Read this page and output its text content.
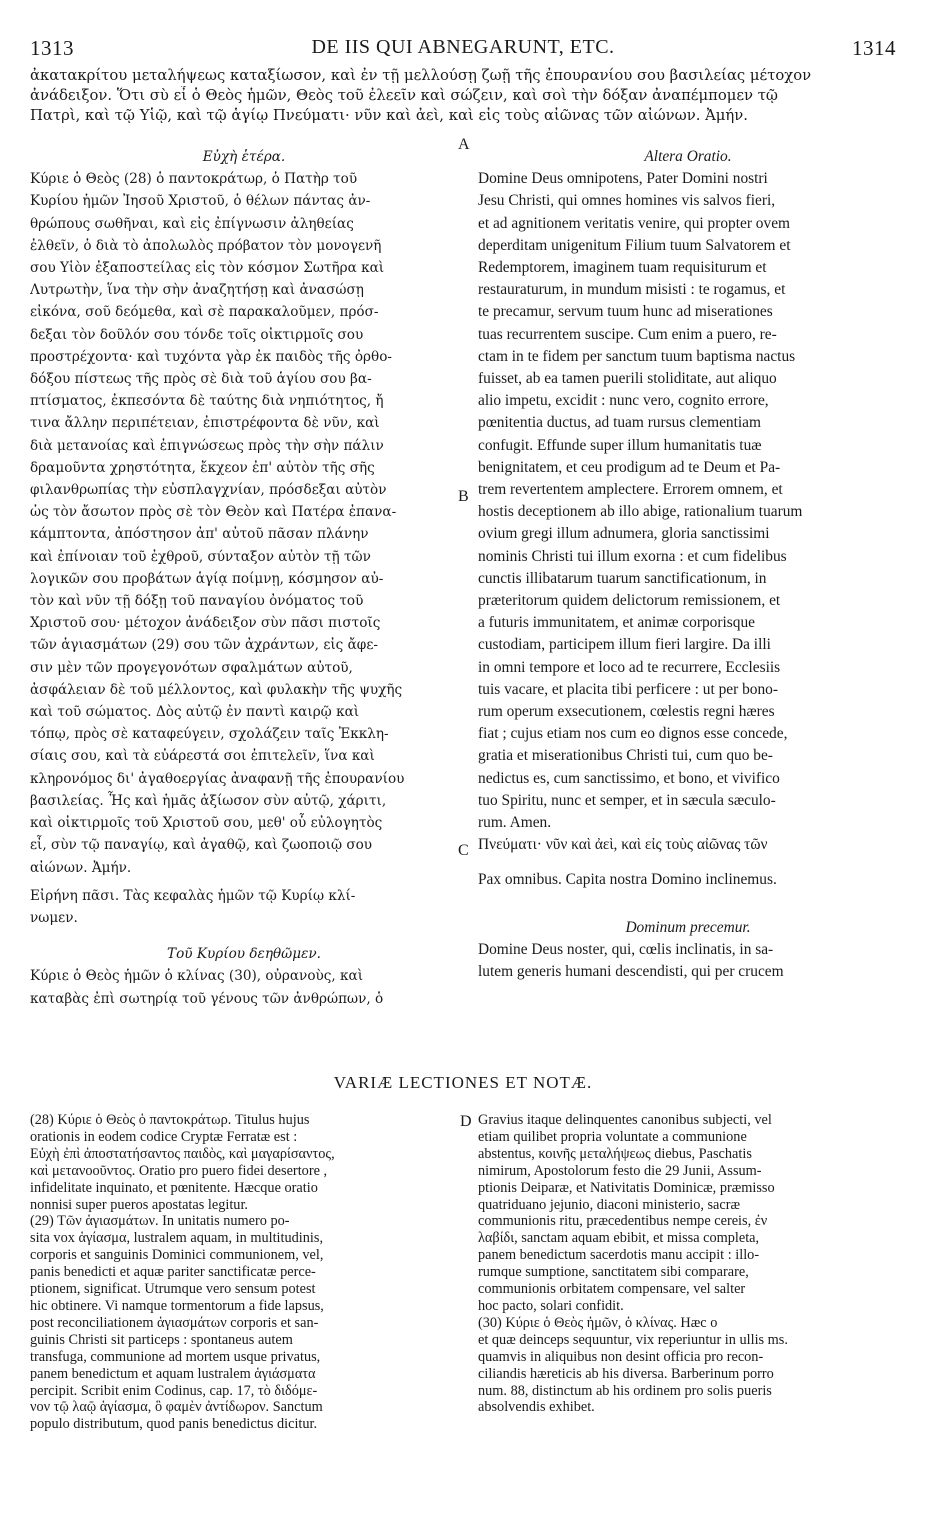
1313	DE IIS QUI ABNEGARUNT, ETC.	1314

ἀκατακρίτου μεταλήψεως καταξίωσον, καὶ ἐν τῇ μελλούσῃ ζωῇ τῆς ἐπουρανίου σου βασιλείας μέτοχον

ἀνάδειξον. Ὅτι σὺ εἶ ὁ Θεὸς ἡμῶν, Θεὸς τοῦ ἐλεεῖν καὶ σώζειν, καὶ σοὶ τὴν δόξαν ἀναπέμπομεν τῷ

Πατρὶ, καὶ τῷ Υἱῷ, καὶ τῷ ἁγίῳ Πνεύματι· νῦν καὶ ἀεὶ, καὶ εἰς τοὺς αἰῶνας τῶν αἰώνων. Ἀμήν.

A
B
C
D

Εὐχὴ ἑτέρα.

Κύριε ὁ Θεὸς (28) ὁ παντοκράτωρ, ὁ Πατὴρ τοῦ

Κυρίου ἡμῶν Ἰησοῦ Χριστοῦ, ὁ θέλων πάντας ἀν-

θρώπους σωθῆναι, καὶ εἰς ἐπίγνωσιν ἀληθείας

ἐλθεῖν, ὁ διὰ τὸ ἀπολωλὸς πρόβατον τὸν μονογενῆ

σου Υἱὸν ἐξαποστείλας εἰς τὸν κόσμον Σωτῆρα καὶ

Λυτρωτὴν, ἵνα τὴν σὴν ἀναζητήσῃ καὶ ἀνασώσῃ

εἰκόνα, σοῦ δεόμεθα, καὶ σὲ παρακαλοῦμεν, πρόσ-

δεξαι τὸν δοῦλόν σου τόνδε τοῖς οἰκτιρμοῖς σου

προστρέχοντα· καὶ τυχόντα γὰρ ἐκ παιδὸς τῆς ὀρθο-

δόξου πίστεως τῆς πρὸς σὲ διὰ τοῦ ἁγίου σου βα-

πτίσματος, ἐκπεσόντα δὲ ταύτης διὰ νηπιότητος, ἤ

τινα ἄλλην περιπέτειαν, ἐπιστρέφοντα δὲ νῦν, καὶ

διὰ μετανοίας καὶ ἐπιγνώσεως πρὸς τὴν σὴν πάλιν

δραμοῦντα χρηστότητα, ἔκχεον ἐπ' αὐτὸν τῆς σῆς

φιλανθρωπίας τὴν εὐσπλαγχνίαν, πρόσδεξαι αὐτὸν

ὡς τὸν ἄσωτον πρὸς σὲ τὸν Θεὸν καὶ Πατέρα ἐπανα-

κάμπτοντα, ἀπόστησον ἀπ' αὐτοῦ πᾶσαν πλάνην

καὶ ἐπίνοιαν τοῦ ἐχθροῦ, σύνταξον αὐτὸν τῇ τῶν

λογικῶν σου προβάτων ἁγίᾳ ποίμνῃ, κόσμησον αὐ-

τὸν καὶ νῦν τῇ δόξῃ τοῦ παναγίου ὀνόματος τοῦ

Χριστοῦ σου· μέτοχον ἀνάδειξον σὺν πᾶσι πιστοῖς

τῶν ἁγιασμάτων (29) σου τῶν ἀχράντων, εἰς ἄφε-

σιν μὲν τῶν προγεγονότων σφαλμάτων αὐτοῦ,

ἀσφάλειαν δὲ τοῦ μέλλοντος, καὶ φυλακὴν τῆς ψυχῆς

καὶ τοῦ σώματος. Δὸς αὐτῷ ἐν παντὶ καιρῷ καὶ

τόπῳ, πρὸς σὲ καταφεύγειν, σχολάζειν ταῖς Ἐκκλη-

σίαις σου, καὶ τὰ εὐάρεστά σοι ἐπιτελεῖν, ἵνα καὶ

κληρονόμος δι' ἀγαθοεργίας ἀναφανῇ τῆς ἐπουρανίου

βασιλείας. Ἧς καὶ ἡμᾶς ἀξίωσον σὺν αὐτῷ, χάριτι,

καὶ οἰκτιρμοῖς τοῦ Χριστοῦ σου, μεθ' οὗ εὐλογητὸς

εἶ, σὺν τῷ παναγίῳ, καὶ ἀγαθῷ, καὶ ζωοποιῷ σου

αἰώνων. Ἀμήν.

Εἰρήνη πᾶσι. Τὰς κεφαλὰς ἡμῶν τῷ Κυρίῳ κλί-

νωμεν.

Τοῦ Κυρίου δεηθῶμεν.

Κύριε ὁ Θεὸς ἡμῶν ὁ κλίνας (30), οὐρανοὺς, καὶ

καταβὰς ἐπὶ σωτηρίᾳ τοῦ γένους τῶν ἀνθρώπων, ὁ

Altera Oratio.

Domine Deus omnipotens, Pater Domini nostri

Jesu Christi, qui omnes homines vis salvos fieri,

et ad agnitionem veritatis venire, qui propter ovem

deperditam unigenitum Filium tuum Salvatorem et

Redemptorem, imaginem tuam requisiturum et

restauraturum, in mundum misisti : te rogamus, et

te precamur, servum tuum hunc ad miserationes

tuas recurrentem suscipe. Cum enim a puero, re-

ctam in te fidem per sanctum tuum baptisma nactus

fuisset, ab ea tamen puerili stoliditate, aut aliquo

alio impetu, excidit : nunc vero, cognito errore,

pœnitentia ductus, ad tuam rursus clementiam

confugit. Effunde super illum humanitatis tuæ

benignitatem, et ceu prodigum ad te Deum et Pa-

trem revertentem amplectere. Errorem omnem, et

hostis deceptionem ab illo abige, rationalium tuarum

ovium gregi illum adnumera, gloria sanctissimi

nominis Christi tui illum exorna : et cum fidelibus

cunctis illibatarum tuarum sanctificationum, in

præteritorum quidem delictorum remissionem, et

a futuris immunitatem, et animæ corporisque

custodiam, participem illum fieri largire. Da illi

in omni tempore et loco ad te recurrere, Ecclesiis

tuis vacare, et placita tibi perficere : ut per bono-

rum operum exsecutionem, cœlestis regni hæres

fiat ; cujus etiam nos cum eo dignos esse concede,

gratia et miserationibus Christi tui, cum quo be-

nedictus es, cum sanctissimo, et bono, et vivifico

tuo Spiritu, nunc et semper, et in sæcula sæculo-

rum. Amen.

Πνεύματι· νῦν καὶ ἀεὶ, καὶ εἰς τοὺς αἰῶνας τῶν

Pax omnibus. Capita nostra Domino inclinemus.

Dominum precemur.

Domine Deus noster, qui, cœlis inclinatis, in sa-

lutem generis humani descendisti, qui per crucem

VARIÆ LECTIONES ET NOTÆ.

(28) Κύριε ὁ Θεὸς ὁ παντοκράτωρ. Titulus hujus

orationis in eodem codice Cryptæ Ferratæ est :

Εὐχὴ ἐπὶ ἀποστατήσαντος παιδὸς, καὶ μαγαρίσαντος,

καὶ μετανοοῦντος. Oratio pro puero fidei desertore ,

infidelitate inquinato, et pœnitente. Hæcque oratio

nonnisi super pueros apostatas legitur.

(29) Τῶν ἁγιασμάτων. In unitatis numero po-

sita vox ἁγίασμα, lustralem aquam, in multitudinis,

corporis et sanguinis Dominici communionem, vel,

panis benedicti et aquæ pariter sanctificatæ perce-

ptionem, significat. Utrumque vero sensum potest

hic obtinere. Vi namque tormentorum a fide lapsus,

post reconciliationem ἁγιασμάτων corporis et san-

guinis Christi sit particeps : spontaneus autem

transfuga, communione ad mortem usque privatus,

panem benedictum et aquam lustralem ἁγιάσματα

percipit. Scribit enim Codinus, cap. 17, τὸ διδόμε-

νον τῷ λαῷ ἁγίασμα, ὃ φαμὲν ἀντίδωρον. Sanctum

populo distributum, quod panis benedictus dicitur.

Gravius itaque delinquentes canonibus subjecti, vel

etiam quilibet propria voluntate a communione

abstentus, κοινῆς μεταλήψεως diebus, Paschatis

nimirum, Apostolorum festo die 29 Junii, Assum-

ptionis Deiparæ, et Nativitatis Dominicæ, præmisso

quatriduano jejunio, diaconi ministerio, sacræ

communionis ritu, præcedentibus nempe cereis, ἐν

λαβίδι, sanctam aquam ebibit, et missa completa,

panem benedictum sacerdotis manu accipit : illo-

rumque sumptione, sanctitatem sibi comparare,

communionis orbitatem compensare, vel salter

hoc pacto, solari confidit.

(30) Κύριε ὁ Θεὸς ἡμῶν, ὁ κλίνας. Hæc o

et quæ deinceps sequuntur, vix reperiuntur in ullis ms.

quamvis in aliquibus non desint officia pro recon-

ciliandis hæreticis ab his diversa. Barberinum porro

num. 88, distinctum ab his ordinem pro solis pueris

absolvendis exhibet.
